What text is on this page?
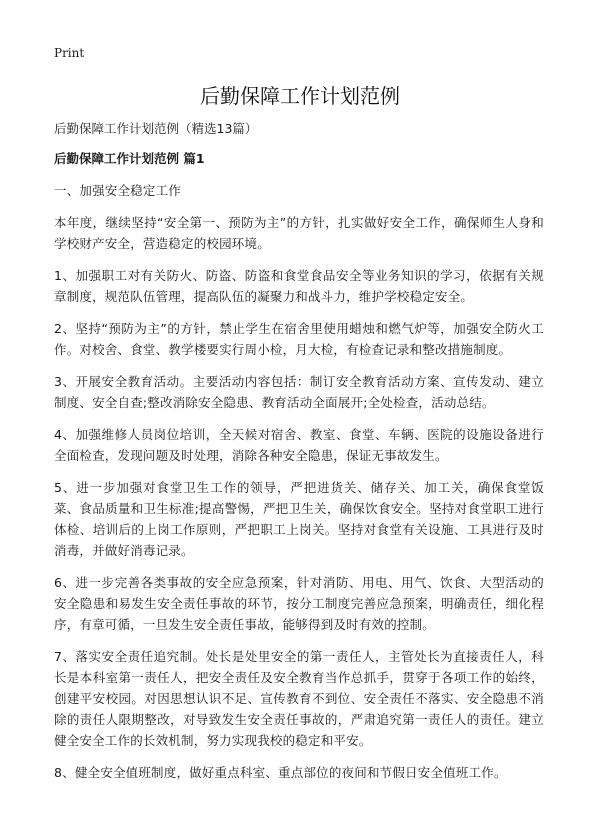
Print
后勤保障工作计划范例

后勤保障工作计划范例（精选13篇）

后勤保障工作计划范例 篇1

一、加强安全稳定工作

本年度，继续坚持“安全第一、预防为主”的方针，扎实做好安全工作，确保师生人身和学校财产安全，营造稳定的校园环境。

1、加强职工对有关防火、防盗、防盗和食堂食品安全等业务知识的学习，依据有关规章制度，规范队伍管理，提高队伍的凝聚力和战斗力，维护学校稳定安全。

2、坚持“预防为主”的方针，禁止学生在宿舍里使用蜡烛和燃气炉等，加强安全防火工作。对校舍、食堂、教学楼要实行周小检，月大检，有检查记录和整改措施制度。

3、开展安全教育活动。主要活动内容包括：制订安全教育活动方案、宣传发动、建立制度、安全自查;整改消除安全隐患、教育活动全面展开;全处检查，活动总结。

4、加强维修人员岗位培训，全天候对宿舍、教室、食堂、车辆、医院的设施设备进行全面检查，发现问题及时处理，消除各种安全隐患，保证无事故发生。

5、进一步加强对食堂卫生工作的领导，严把进货关、储存关、加工关，确保食堂饭菜、食品质量和卫生标准;提高警惕，严把卫生关，确保饮食安全。坚持对食堂职工进行体检、培训后的上岗工作原则，严把职工上岗关。坚持对食堂有关设施、工具进行及时消毒，并做好消毒记录。

6、进一步完善各类事故的安全应急预案，针对消防、用电、用气、饮食、大型活动的安全隐患和易发生安全责任事故的环节，按分工制度完善应急预案，明确责任，细化程序，有章可循，一旦发生安全责任事故，能够得到及时有效的控制。

7、落实安全责任追究制。处长是处里安全的第一责任人，主管处长为直接责任人，科长是本科室第一责任人，把安全责任及安全教育当作总抓手，贯穿于各项工作的始终，创建平安校园。对因思想认识不足、宣传教育不到位、安全责任不落实、安全隐患不消除的责任人限期整改，对导致发生安全责任事故的，严肃追究第一责任人的责任。建立健全安全工作的长效机制，努力实现我校的稳定和平安。

8、健全安全值班制度，做好重点科室、重点部位的夜间和节假日安全值班工作。
